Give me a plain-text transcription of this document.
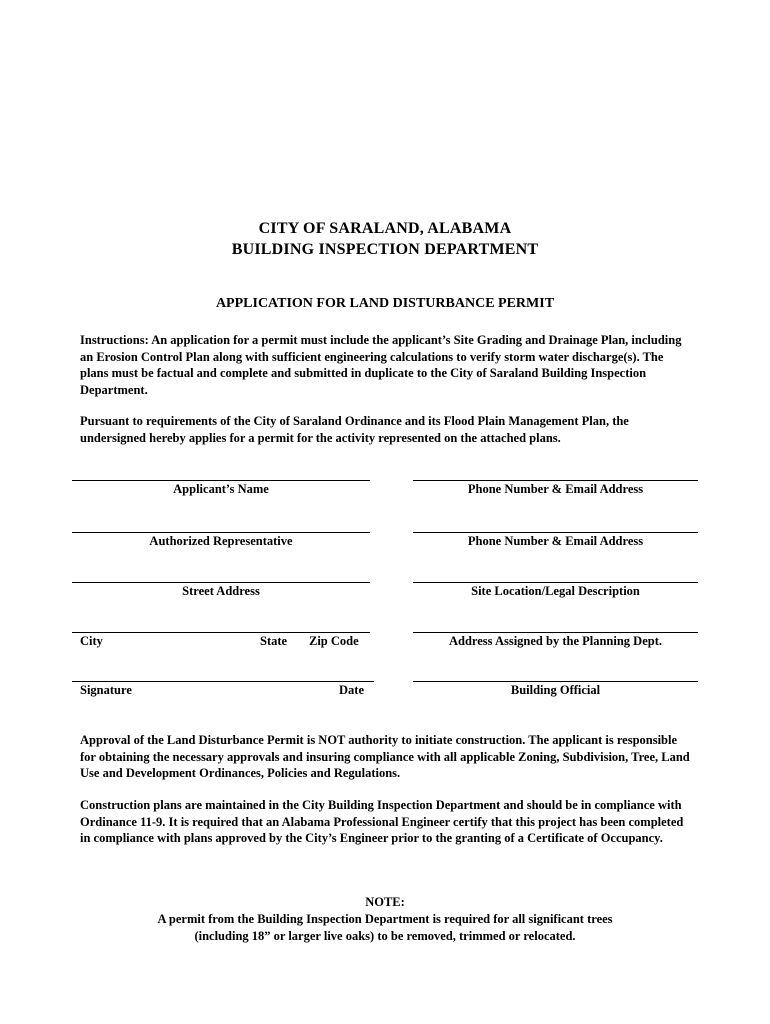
CITY OF SARALAND, ALABAMA
BUILDING INSPECTION DEPARTMENT
APPLICATION FOR LAND DISTURBANCE PERMIT
Instructions: An application for a permit must include the applicant’s Site Grading and Drainage Plan, including an Erosion Control Plan along with sufficient engineering calculations to verify storm water discharge(s). The plans must be factual and complete and submitted in duplicate to the City of Saraland Building Inspection Department.
Pursuant to requirements of the City of Saraland Ordinance and its Flood Plain Management Plan, the undersigned hereby applies for a permit for the activity represented on the attached plans.
Applicant’s Name	Phone Number & Email Address
Authorized Representative	Phone Number & Email Address
Street Address	Site Location/Legal Description
City	State Zip Code	Address Assigned by the Planning Dept.
Signature	Date	Building Official
Approval of the Land Disturbance Permit is NOT authority to initiate construction. The applicant is responsible for obtaining the necessary approvals and insuring compliance with all applicable Zoning, Subdivision, Tree, Land Use and Development Ordinances, Policies and Regulations.
Construction plans are maintained in the City Building Inspection Department and should be in compliance with Ordinance 11-9. It is required that an Alabama Professional Engineer certify that this project has been completed in compliance with plans approved by the City’s Engineer prior to the granting of a Certificate of Occupancy.
NOTE:
A permit from the Building Inspection Department is required for all significant trees
(including 18” or larger live oaks) to be removed, trimmed or relocated.
